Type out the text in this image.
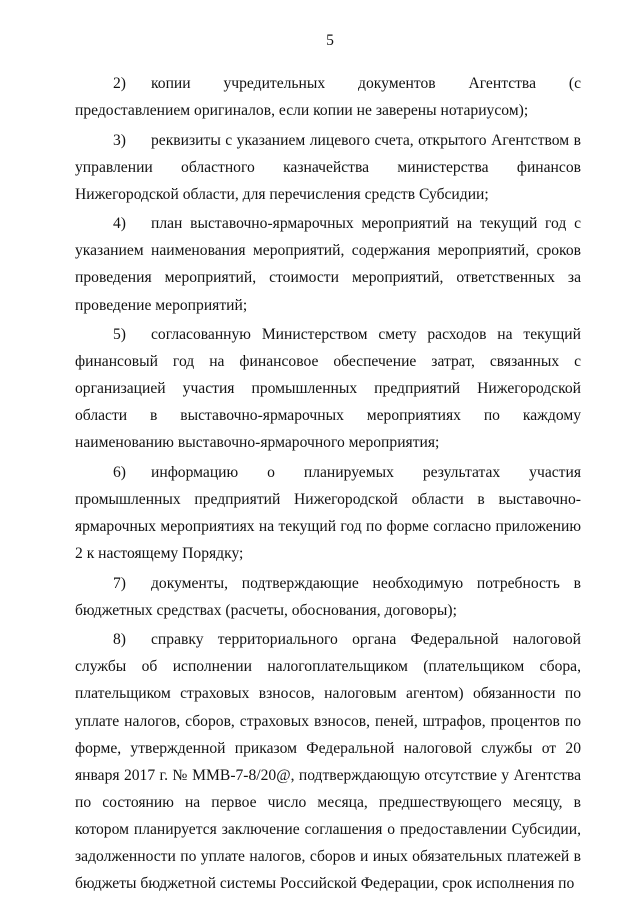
5

2) копии учредительных документов Агентства (с предоставлением оригиналов, если копии не заверены нотариусом);

3) реквизиты с указанием лицевого счета, открытого Агентством в управлении областного казначейства министерства финансов Нижегородской области, для перечисления средств Субсидии;

4) план выставочно-ярмарочных мероприятий на текущий год с указанием наименования мероприятий, содержания мероприятий, сроков проведения мероприятий, стоимости мероприятий, ответственных за проведение мероприятий;

5) согласованную Министерством смету расходов на текущий финансовый год на финансовое обеспечение затрат, связанных с организацией участия промышленных предприятий Нижегородской области в выставочно-ярмарочных мероприятиях по каждому наименованию выставочно-ярмарочного мероприятия;

6) информацию о планируемых результатах участия промышленных предприятий Нижегородской области в выставочно-ярмарочных мероприятиях на текущий год по форме согласно приложению 2 к настоящему Порядку;

7) документы, подтверждающие необходимую потребность в бюджетных средствах (расчеты, обоснования, договоры);

8) справку территориального органа Федеральной налоговой службы об исполнении налогоплательщиком (плательщиком сбора, плательщиком страховых взносов, налоговым агентом) обязанности по уплате налогов, сборов, страховых взносов, пеней, штрафов, процентов по форме, утвержденной приказом Федеральной налоговой службы от 20 января 2017 г. № ММВ-7-8/20@, подтверждающую отсутствие у Агентства по состоянию на первое число месяца, предшествующего месяцу, в котором планируется заключение соглашения о предоставлении Субсидии, задолженности по уплате налогов, сборов и иных обязательных платежей в бюджеты бюджетной системы Российской Федерации, срок исполнения по
